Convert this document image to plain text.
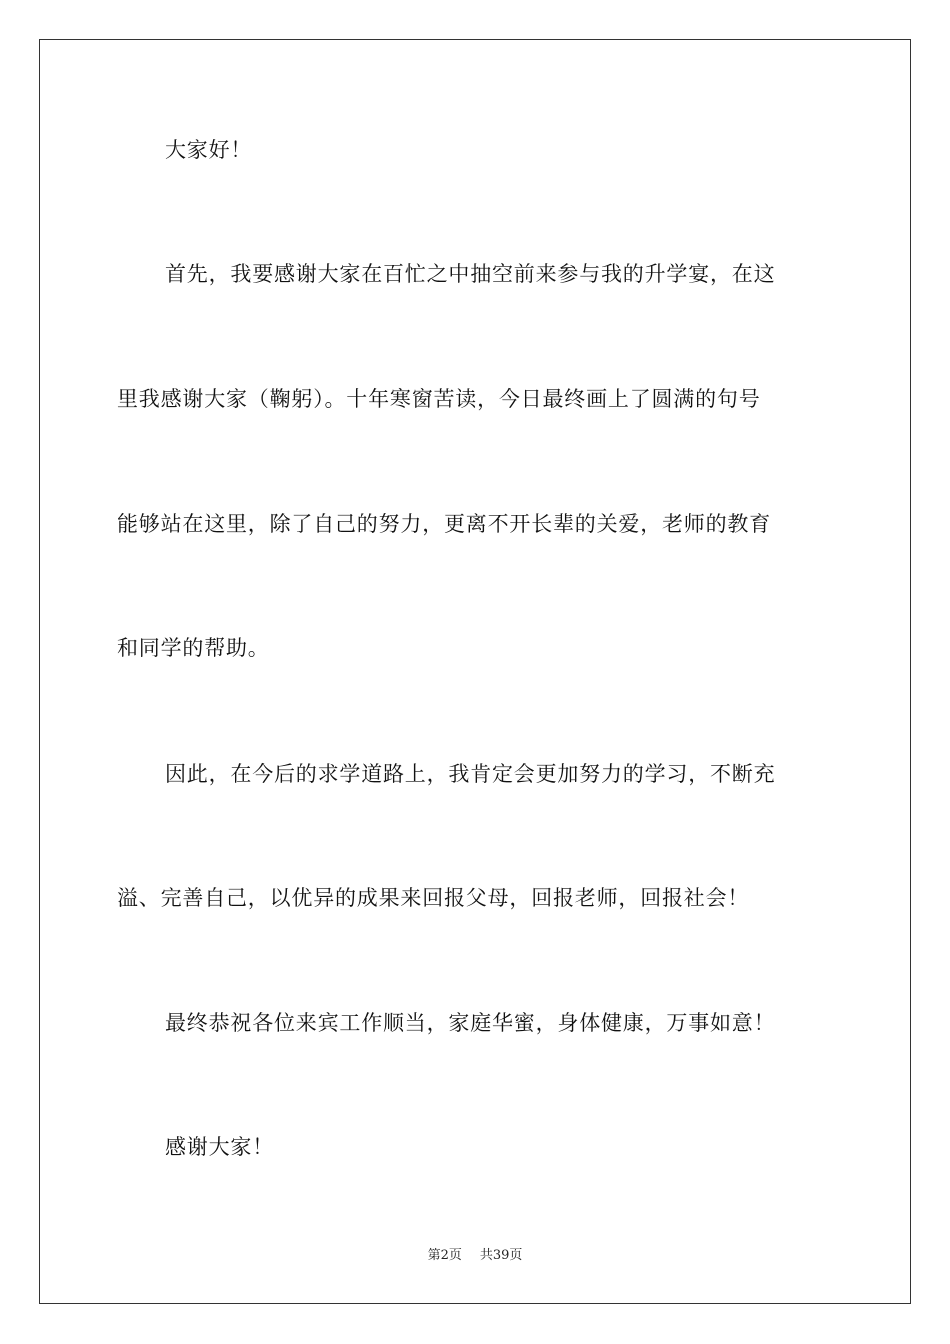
大家好！
首先，我要感谢大家在百忙之中抽空前来参与我的升学宴，在这
里我感谢大家（鞠躬）。十年寒窗苦读，今日最终画上了圆满的句号
能够站在这里，除了自己的努力，更离不开长辈的关爱，老师的教育
和同学的帮助。
因此，在今后的求学道路上，我肯定会更加努力的学习，不断充
溢、完善自己，以优异的成果来回报父母，回报老师，回报社会！
最终恭祝各位来宾工作顺当，家庭华蜜，身体健康，万事如意！
感谢大家！
第2页 共39页
